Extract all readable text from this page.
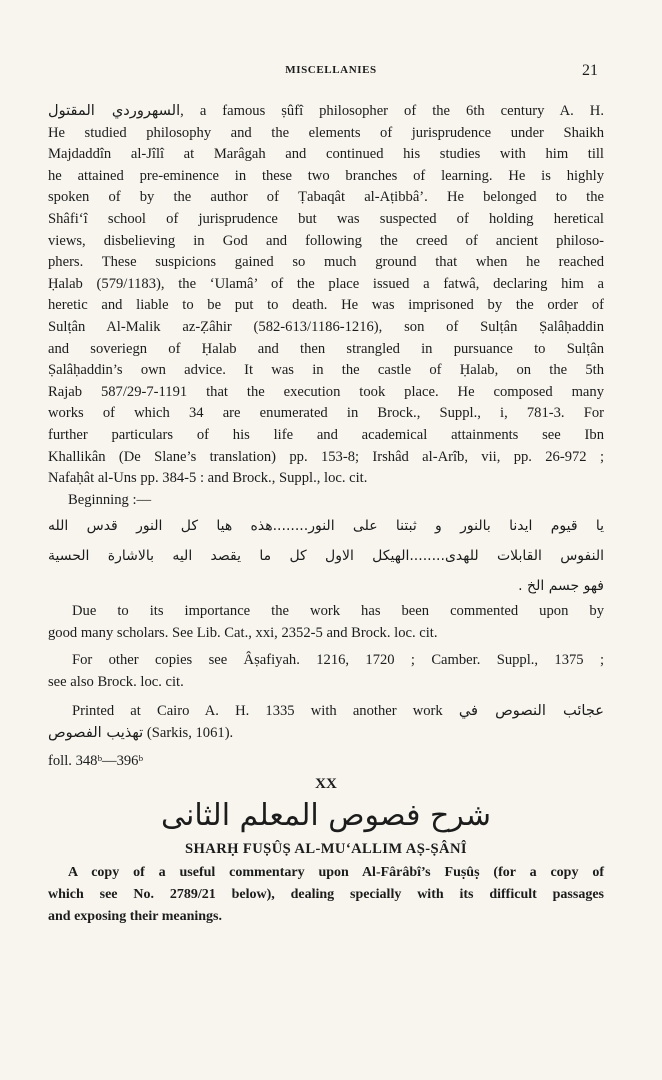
MISCELLANIES	21
السهروردي المقتول, a famous ṣûfî philosopher of the 6th century A. H.
He studied philosophy and the elements of jurisprudence under Shaikh
Majdaddîn al-Jîlî at Marâgah and continued his studies with him till
he attained pre-eminence in these two branches of learning. He is highly
spoken of by the author of Ṭabaqât al-Aṭibbâ’. He belonged to the
Shâfi‘î school of jurisprudence but was suspected of holding heretical
views, disbelieving in God and following the creed of ancient philoso-
phers. These suspicions gained so much ground that when he reached
Ḥalab (579/1183), the ‘Ulamâ’ of the place issued a fatwâ, declaring him a
heretic and liable to be put to death. He was imprisoned by the order of
Sulṭân Al-Malik az-Ẓâhir (582-613/1186-1216), son of Sulṭân Ṣalâḥaddin
and soveriegn of Ḥalab and then strangled in pursuance to Sulṭân
Ṣalâḥaddin’s own advice. It was in the castle of Ḥalab, on the 5th
Rajab 587/29-7-1191 that the execution took place. He composed many
works of which 34 are enumerated in Brock., Suppl., i, 781-3. For
further particulars of his life and academical attainments see Ibn
Khallikân (De Slane’s translation) pp. 153-8; Irshâd al-Arîb, vii, pp. 26-972 ;
Nafaḥât al-Uns pp. 384-5 : and Brock., Suppl., loc. cit.
Beginning :—
يا قيوم ايدنا بالنور و ثبتنا على النور........هذه هيا كل النور قدس الله
النفوس القابلات للهدى........الهيكل الاول كل ما يقصد اليه بالاشارة الحسية
فهو جسم الخ .
Due to its importance the work has been commented upon by
good many scholars. See Lib. Cat., xxi, 2352-5 and Brock. loc. cit.
For other copies see Âṣafiyah. 1216, 1720 ; Camber. Suppl., 1375 ;
see also Brock. loc. cit.
Printed at Cairo A. H. 1335 with another work عجائب النصوص في
تهذيب الفصوص (Sarkis, 1061).
foll. 348ᵇ—396ᵇ
XX
شرح فصوص المعلم الثانى
SHARḤ FUṢÛṢ AL-MU‘ALLIM AṢ-ṢÂNÎ
A copy of a useful commentary upon Al-Fârâbî’s Fuṣûṣ (for a copy of
which see No. 2789/21 below), dealing specially with its difficult passages
and exposing their meanings.
